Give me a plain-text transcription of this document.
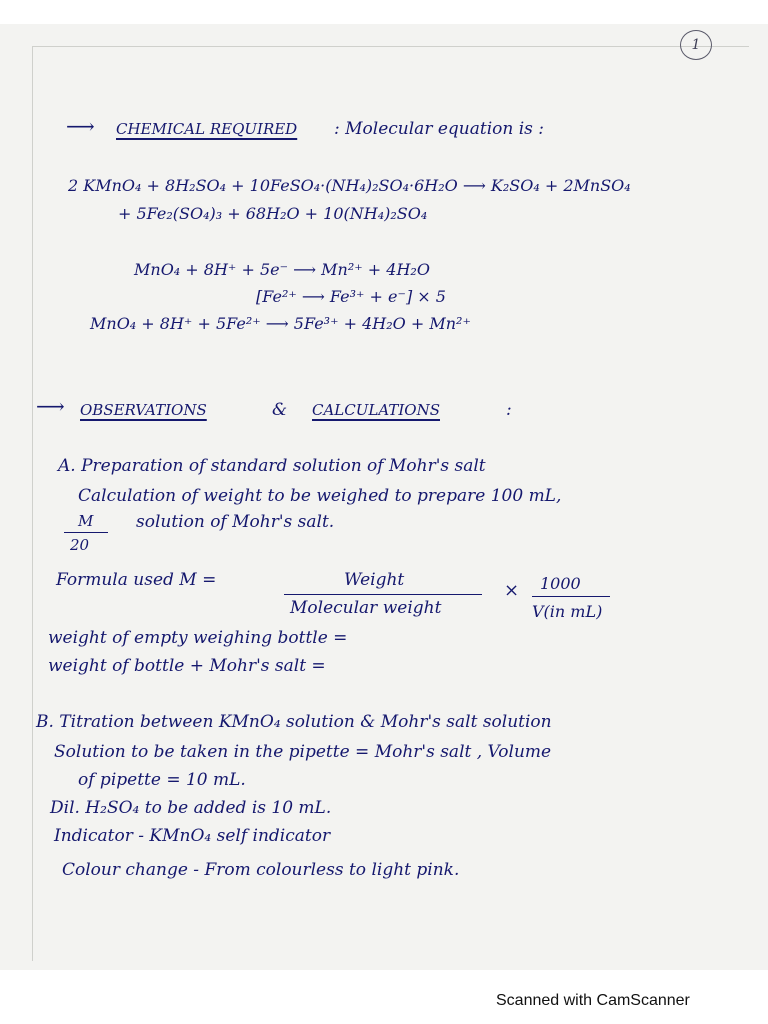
1
⟶ CHEMICAL REQUIRED : Molecular equation is :
2 KMnO₄ + 8H₂SO₄ + 10FeSO₄·(NH₄)₂SO₄·6H₂O ⟶ K₂SO₄ + 2MnSO₄
+ 5Fe₂(SO₄)₃ + 68H₂O + 10(NH₄)₂SO₄
MnO₄ + 8H⁺ + 5e⁻ ⟶ Mn²⁺ + 4H₂O
[Fe²⁺ ⟶ Fe³⁺ + e⁻] × 5
MnO₄ + 8H⁺ + 5Fe²⁺ ⟶ 5Fe³⁺ + 4H₂O + Mn²⁺
⟶ OBSERVATIONS	& CALCULATIONS	:
A. Preparation of standard solution of Mohr's salt
Calculation of weight to be weighed to prepare 100 mL,
M
20
solution of Mohr's salt.
Formula used M =	Weight
Molecular weight
× 1000
V(in mL)
weight of empty weighing bottle =
weight of bottle + Mohr's salt =
B. Titration between KMnO₄ solution & Mohr's salt solution
Solution to be taken in the pipette = Mohr's salt , Volume
of pipette = 10 mL.
Dil. H₂SO₄ to be added is 10 mL.
Indicator - KMnO₄ self indicator
Colour change - From colourless to light pink.
Scanned with CamScanner
